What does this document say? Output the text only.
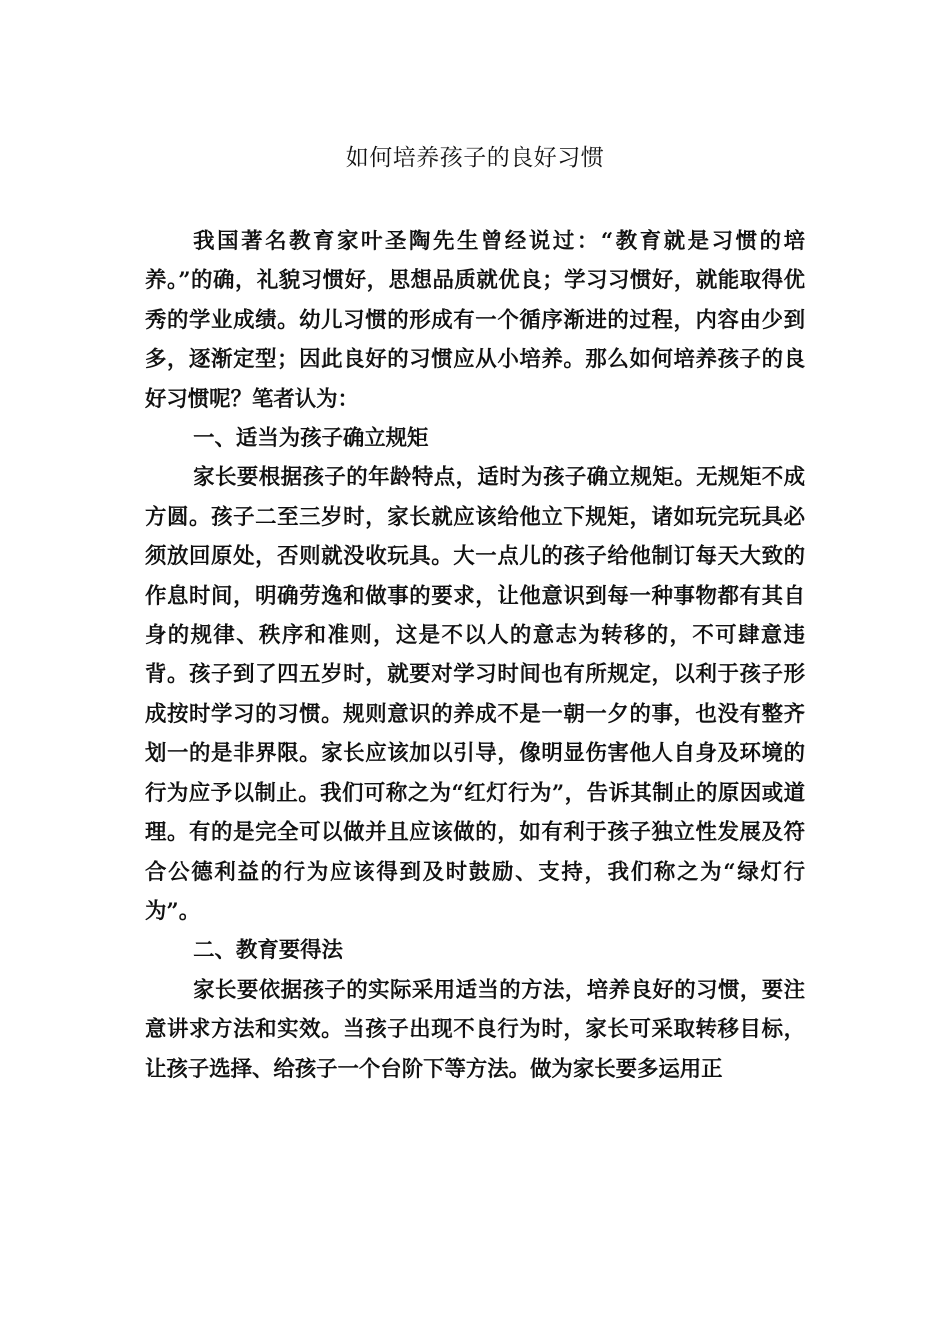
如何培养孩子的良好习惯

我国著名教育家叶圣陶先生曾经说过：“教育就是习惯的培养。”的确，礼貌习惯好，思想品质就优良；学习习惯好，就能取得优秀的学业成绩。幼儿习惯的形成有一个循序渐进的过程，内容由少到多，逐渐定型；因此良好的习惯应从小培养。那么如何培养孩子的良好习惯呢？笔者认为：

一、适当为孩子确立规矩

家长要根据孩子的年龄特点，适时为孩子确立规矩。无规矩不成方圆。孩子二至三岁时，家长就应该给他立下规矩，诸如玩完玩具必须放回原处，否则就没收玩具。大一点儿的孩子给他制订每天大致的作息时间，明确劳逸和做事的要求，让他意识到每一种事物都有其自身的规律、秩序和准则，这是不以人的意志为转移的，不可肆意违背。孩子到了四五岁时，就要对学习时间也有所规定，以利于孩子形成按时学习的习惯。规则意识的养成不是一朝一夕的事，也没有整齐划一的是非界限。家长应该加以引导，像明显伤害他人自身及环境的行为应予以制止。我们可称之为“红灯行为”，告诉其制止的原因或道理。有的是完全可以做并且应该做的，如有利于孩子独立性发展及符合公德利益的行为应该得到及时鼓励、支持，我们称之为“绿灯行为”。

二、教育要得法

家长要依据孩子的实际采用适当的方法，培养良好的习惯，要注意讲求方法和实效。当孩子出现不良行为时，家长可采取转移目标，让孩子选择、给孩子一个台阶下等方法。做为家长要多运用正
